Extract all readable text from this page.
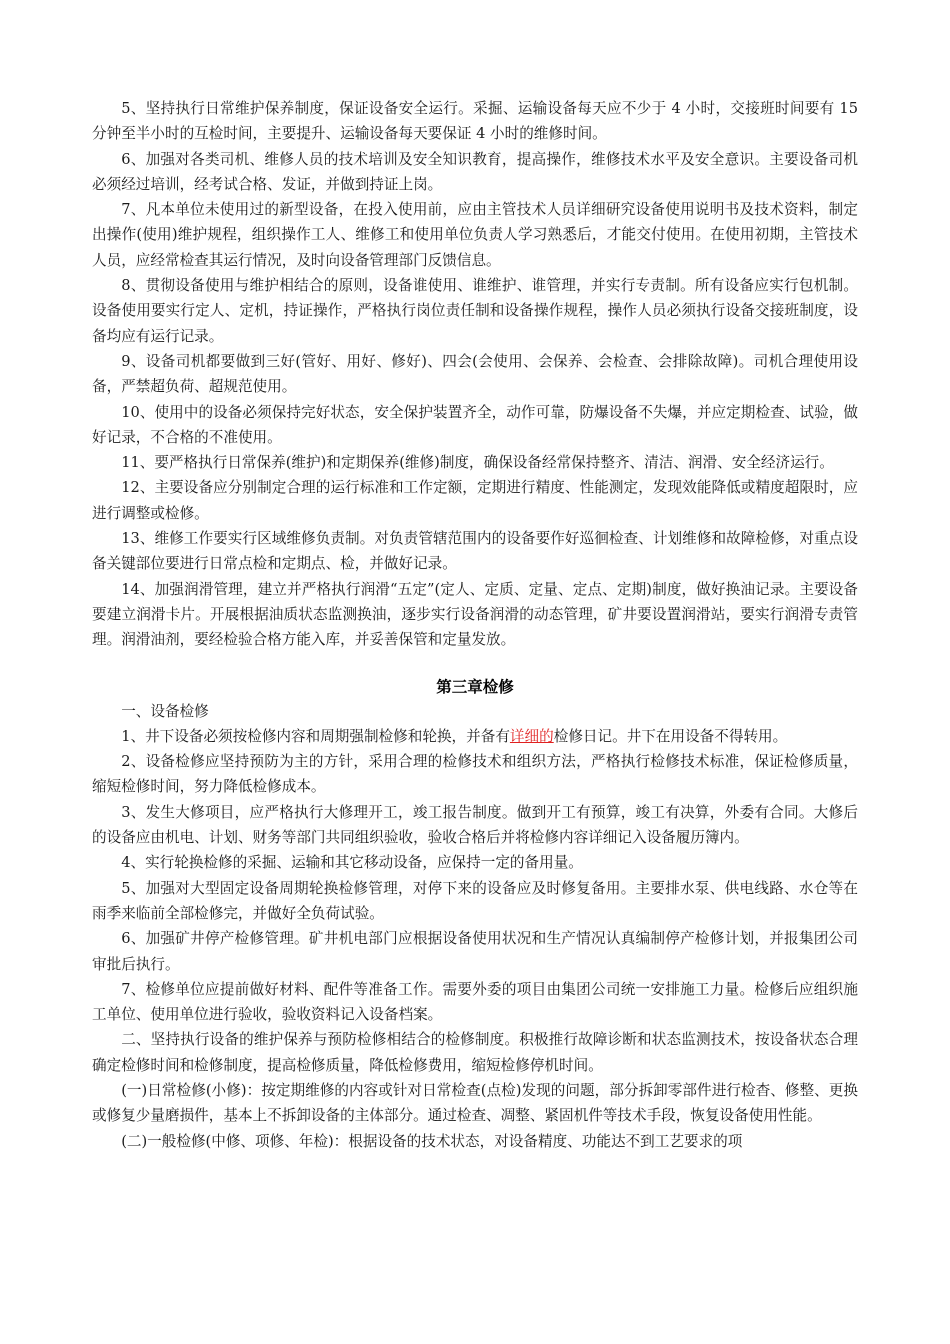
5、坚持执行日常维护保养制度，保证设备安全运行。采掘、运输设备每天应不少于 4 小时，交接班时间要有 15 分钟至半小时的互检时间，主要提升、运输设备每天要保证 4 小时的维修时间。

6、加强对各类司机、维修人员的技术培训及安全知识教育，提高操作，维修技术水平及安全意识。主要设备司机必须经过培训，经考试合格、发证，并做到持证上岗。

7、凡本单位未使用过的新型设备，在投入使用前，应由主管技术人员详细研究设备使用说明书及技术资料，制定出操作(使用)维护规程，组织操作工人、维修工和使用单位负责人学习熟悉后，才能交付使用。在使用初期，主管技术人员，应经常检查其运行情况，及时向设备管理部门反馈信息。

8、贯彻设备使用与维护相结合的原则，设备谁使用、谁维护、谁管理，并实行专责制。所有设备应实行包机制。设备使用要实行定人、定机，持证操作，严格执行岗位责任制和设备操作规程，操作人员必须执行设备交接班制度，设备均应有运行记录。

9、设备司机都要做到三好(管好、用好、修好)、四会(会使用、会保养、会检查、会排除故障)。司机合理使用设备，严禁超负荷、超规范使用。

10、使用中的设备必须保持完好状态，安全保护装置齐全，动作可靠，防爆设备不失爆，并应定期检查、试验，做好记录，不合格的不准使用。

11、要严格执行日常保养(维护)和定期保养(维修)制度，确保设备经常保持整齐、清洁、润滑、安全经济运行。

12、主要设备应分别制定合理的运行标准和工作定额，定期进行精度、性能测定，发现效能降低或精度超限时，应进行调整或检修。

13、维修工作要实行区域维修负责制。对负责管辖范围内的设备要作好巡徊检查、计划维修和故障检修，对重点设备关键部位要进行日常点检和定期点、检，并做好记录。

14、加强润滑管理，建立并严格执行润滑“五定”(定人、定质、定量、定点、定期)制度，做好换油记录。主要设备要建立润滑卡片。开展根据油质状态监测换油，逐步实行设备润滑的动态管理，矿井要设置润滑站，要实行润滑专责管理。润滑油剂，要经检验合格方能入库，并妥善保管和定量发放。

第三章检修

一、设备检修

1、井下设备必须按检修内容和周期强制检修和轮换，并备有详细的检修日记。井下在用设备不得转用。

2、设备检修应坚持预防为主的方针，采用合理的检修技术和组织方法，严格执行检修技术标准，保证检修质量，缩短检修时间，努力降低检修成本。

3、发生大修项目，应严格执行大修理开工，竣工报告制度。做到开工有预算，竣工有决算，外委有合同。大修后的设备应由机电、计划、财务等部门共同组织验收，验收合格后并将检修内容详细记入设备履历簿内。

4、实行轮换检修的采掘、运输和其它移动设备，应保持一定的备用量。

5、加强对大型固定设备周期轮换检修管理，对停下来的设备应及时修复备用。主要排水泵、供电线路、水仓等在雨季来临前全部检修完，并做好全负荷试验。

6、加强矿井停产检修管理。矿井机电部门应根据设备使用状况和生产情况认真编制停产检修计划，并报集团公司审批后执行。

7、检修单位应提前做好材料、配件等准备工作。需要外委的项目由集团公司统一安排施工力量。检修后应组织施工单位、使用单位进行验收，验收资料记入设备档案。

二、坚持执行设备的维护保养与预防检修相结合的检修制度。积极推行故障诊断和状态监测技术，按设备状态合理确定检修时间和检修制度，提高检修质量，降低检修费用，缩短检修停机时间。

(一)日常检修(小修)：按定期维修的内容或针对日常检查(点检)发现的问题，部分拆卸零部件进行检杳、修整、更换或修复少量磨损件，基本上不拆卸设备的主体部分。通过检查、凋整、紧固机件等技术手段，恢复设备使用性能。

(二)一般检修(中修、项修、年检)：根据设备的技术状态，对设备精度、功能达不到工艺要求的项
